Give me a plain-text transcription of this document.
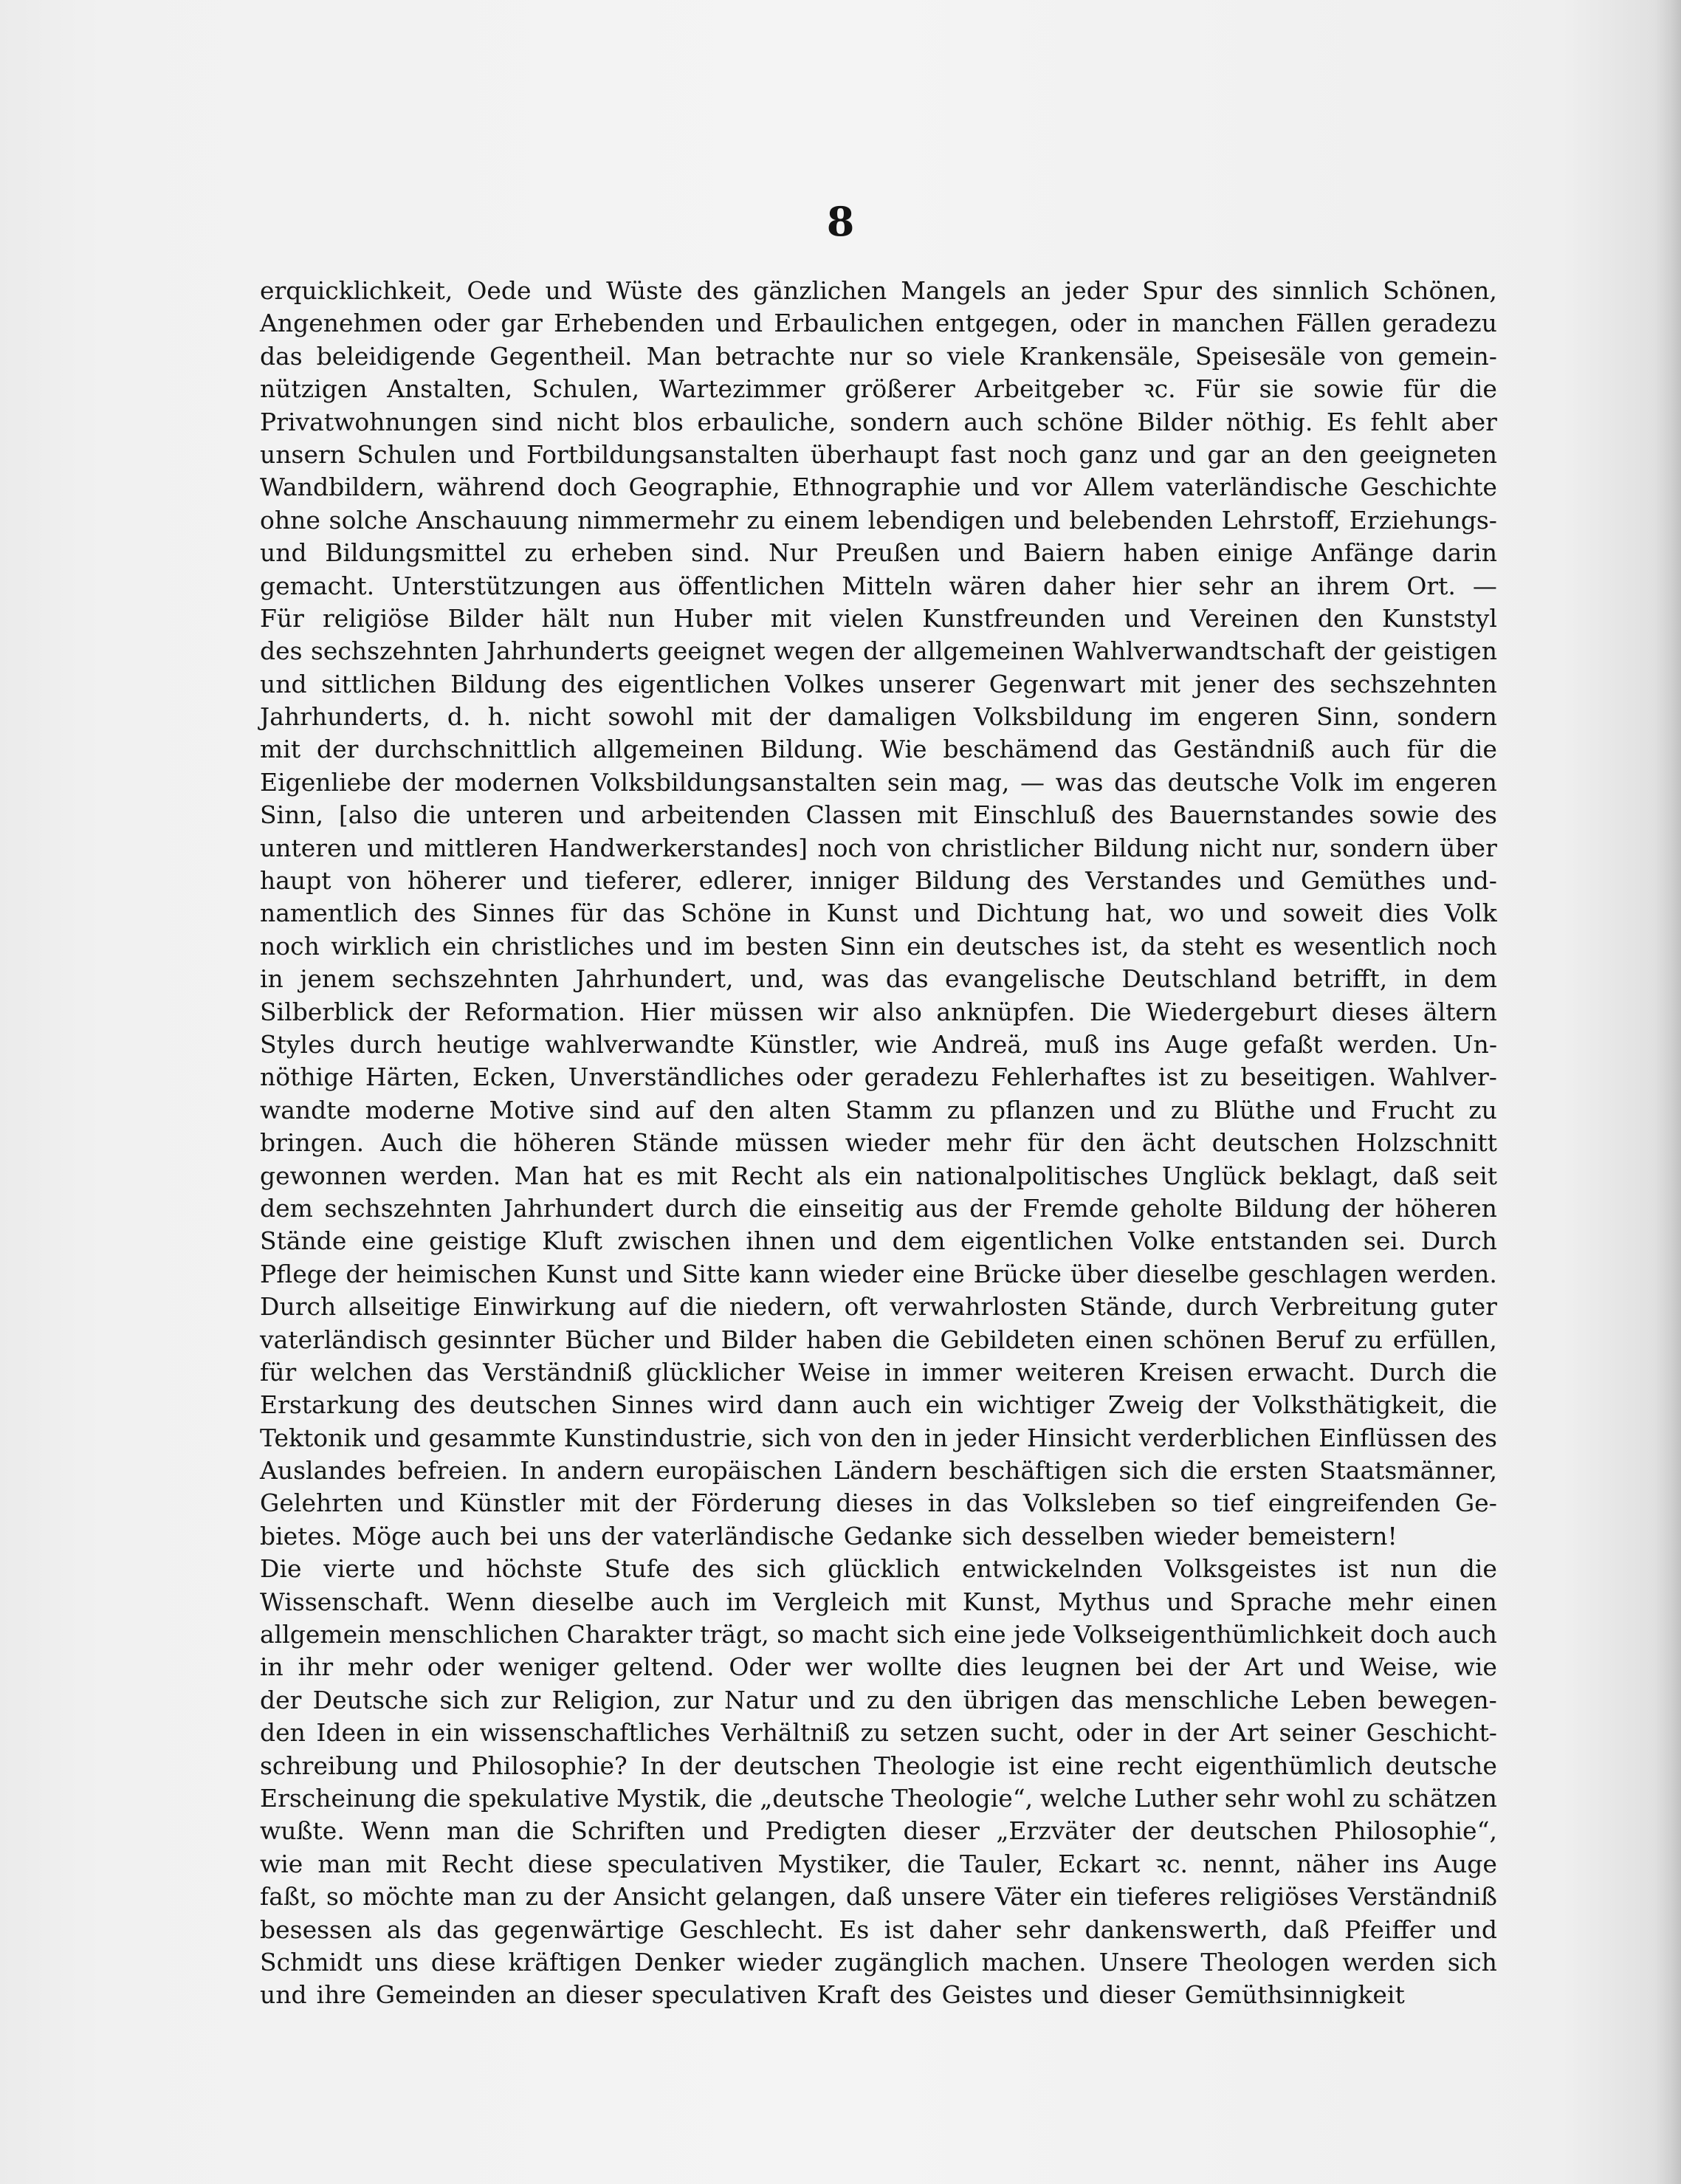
8
erquicklichkeit, Oede und Wüste des gänzlichen Mangels an jeder Spur des sinnlich Schönen,
Angenehmen oder gar Erhebenden und Erbaulichen entgegen, oder in manchen Fällen geradezu
das beleidigende Gegentheil. Man betrachte nur so viele Krankensäle, Speisesäle von gemein-
nützigen Anstalten, Schulen, Wartezimmer größerer Arbeitgeber ꝛc. Für sie sowie für die
Privatwohnungen sind nicht blos erbauliche, sondern auch schöne Bilder nöthig. Es fehlt aber
unsern Schulen und Fortbildungsanstalten überhaupt fast noch ganz und gar an den geeigneten
Wandbildern, während doch Geographie, Ethnographie und vor Allem vaterländische Geschichte
ohne solche Anschauung nimmermehr zu einem lebendigen und belebenden Lehrstoff, Erziehungs-
und Bildungsmittel zu erheben sind. Nur Preußen und Baiern haben einige Anfänge darin
gemacht. Unterstützungen aus öffentlichen Mitteln wären daher hier sehr an ihrem Ort. —
Für religiöse Bilder hält nun Huber mit vielen Kunstfreunden und Vereinen den Kunststyl
des sechszehnten Jahrhunderts geeignet wegen der allgemeinen Wahlverwandtschaft der geistigen
und sittlichen Bildung des eigentlichen Volkes unserer Gegenwart mit jener des sechszehnten
Jahrhunderts, d. h. nicht sowohl mit der damaligen Volksbildung im engeren Sinn, sondern
mit der durchschnittlich allgemeinen Bildung. Wie beschämend das Geständniß auch für die
Eigenliebe der modernen Volksbildungsanstalten sein mag, — was das deutsche Volk im engeren
Sinn, [also die unteren und arbeitenden Classen mit Einschluß des Bauernstandes sowie des
unteren und mittleren Handwerkerstandes] noch von christlicher Bildung nicht nur, sondern über
haupt von höherer und tieferer, edlerer, inniger Bildung des Verstandes und Gemüthes und-
namentlich des Sinnes für das Schöne in Kunst und Dichtung hat, wo und soweit dies Volk
noch wirklich ein christliches und im besten Sinn ein deutsches ist, da steht es wesentlich noch
in jenem sechszehnten Jahrhundert, und, was das evangelische Deutschland betrifft, in dem
Silberblick der Reformation. Hier müssen wir also anknüpfen. Die Wiedergeburt dieses ältern
Styles durch heutige wahlverwandte Künstler, wie Andreä, muß ins Auge gefaßt werden. Un-
nöthige Härten, Ecken, Unverständliches oder geradezu Fehlerhaftes ist zu beseitigen. Wahlver-
wandte moderne Motive sind auf den alten Stamm zu pflanzen und zu Blüthe und Frucht zu
bringen. Auch die höheren Stände müssen wieder mehr für den ächt deutschen Holzschnitt
gewonnen werden. Man hat es mit Recht als ein nationalpolitisches Unglück beklagt, daß seit
dem sechszehnten Jahrhundert durch die einseitig aus der Fremde geholte Bildung der höheren
Stände eine geistige Kluft zwischen ihnen und dem eigentlichen Volke entstanden sei. Durch
Pflege der heimischen Kunst und Sitte kann wieder eine Brücke über dieselbe geschlagen werden.
Durch allseitige Einwirkung auf die niedern, oft verwahrlosten Stände, durch Verbreitung guter
vaterländisch gesinnter Bücher und Bilder haben die Gebildeten einen schönen Beruf zu erfüllen,
für welchen das Verständniß glücklicher Weise in immer weiteren Kreisen erwacht. Durch die
Erstarkung des deutschen Sinnes wird dann auch ein wichtiger Zweig der Volksthätigkeit, die
Tektonik und gesammte Kunstindustrie, sich von den in jeder Hinsicht verderblichen Einflüssen des
Auslandes befreien. In andern europäischen Ländern beschäftigen sich die ersten Staatsmänner,
Gelehrten und Künstler mit der Förderung dieses in das Volksleben so tief eingreifenden Ge-
bietes. Möge auch bei uns der vaterländische Gedanke sich desselben wieder bemeistern!
Die vierte und höchste Stufe des sich glücklich entwickelnden Volksgeistes ist nun die
Wissenschaft. Wenn dieselbe auch im Vergleich mit Kunst, Mythus und Sprache mehr einen
allgemein menschlichen Charakter trägt, so macht sich eine jede Volkseigenthümlichkeit doch auch
in ihr mehr oder weniger geltend. Oder wer wollte dies leugnen bei der Art und Weise, wie
der Deutsche sich zur Religion, zur Natur und zu den übrigen das menschliche Leben bewegen-
den Ideen in ein wissenschaftliches Verhältniß zu setzen sucht, oder in der Art seiner Geschicht-
schreibung und Philosophie? In der deutschen Theologie ist eine recht eigenthümlich deutsche
Erscheinung die spekulative Mystik, die „deutsche Theologie“, welche Luther sehr wohl zu schätzen
wußte. Wenn man die Schriften und Predigten dieser „Erzväter der deutschen Philosophie“,
wie man mit Recht diese speculativen Mystiker, die Tauler, Eckart ꝛc. nennt, näher ins Auge
faßt, so möchte man zu der Ansicht gelangen, daß unsere Väter ein tieferes religiöses Verständniß
besessen als das gegenwärtige Geschlecht. Es ist daher sehr dankenswerth, daß Pfeiffer und
Schmidt uns diese kräftigen Denker wieder zugänglich machen. Unsere Theologen werden sich
und ihre Gemeinden an dieser speculativen Kraft des Geistes und dieser Gemüthsinnigkeit
